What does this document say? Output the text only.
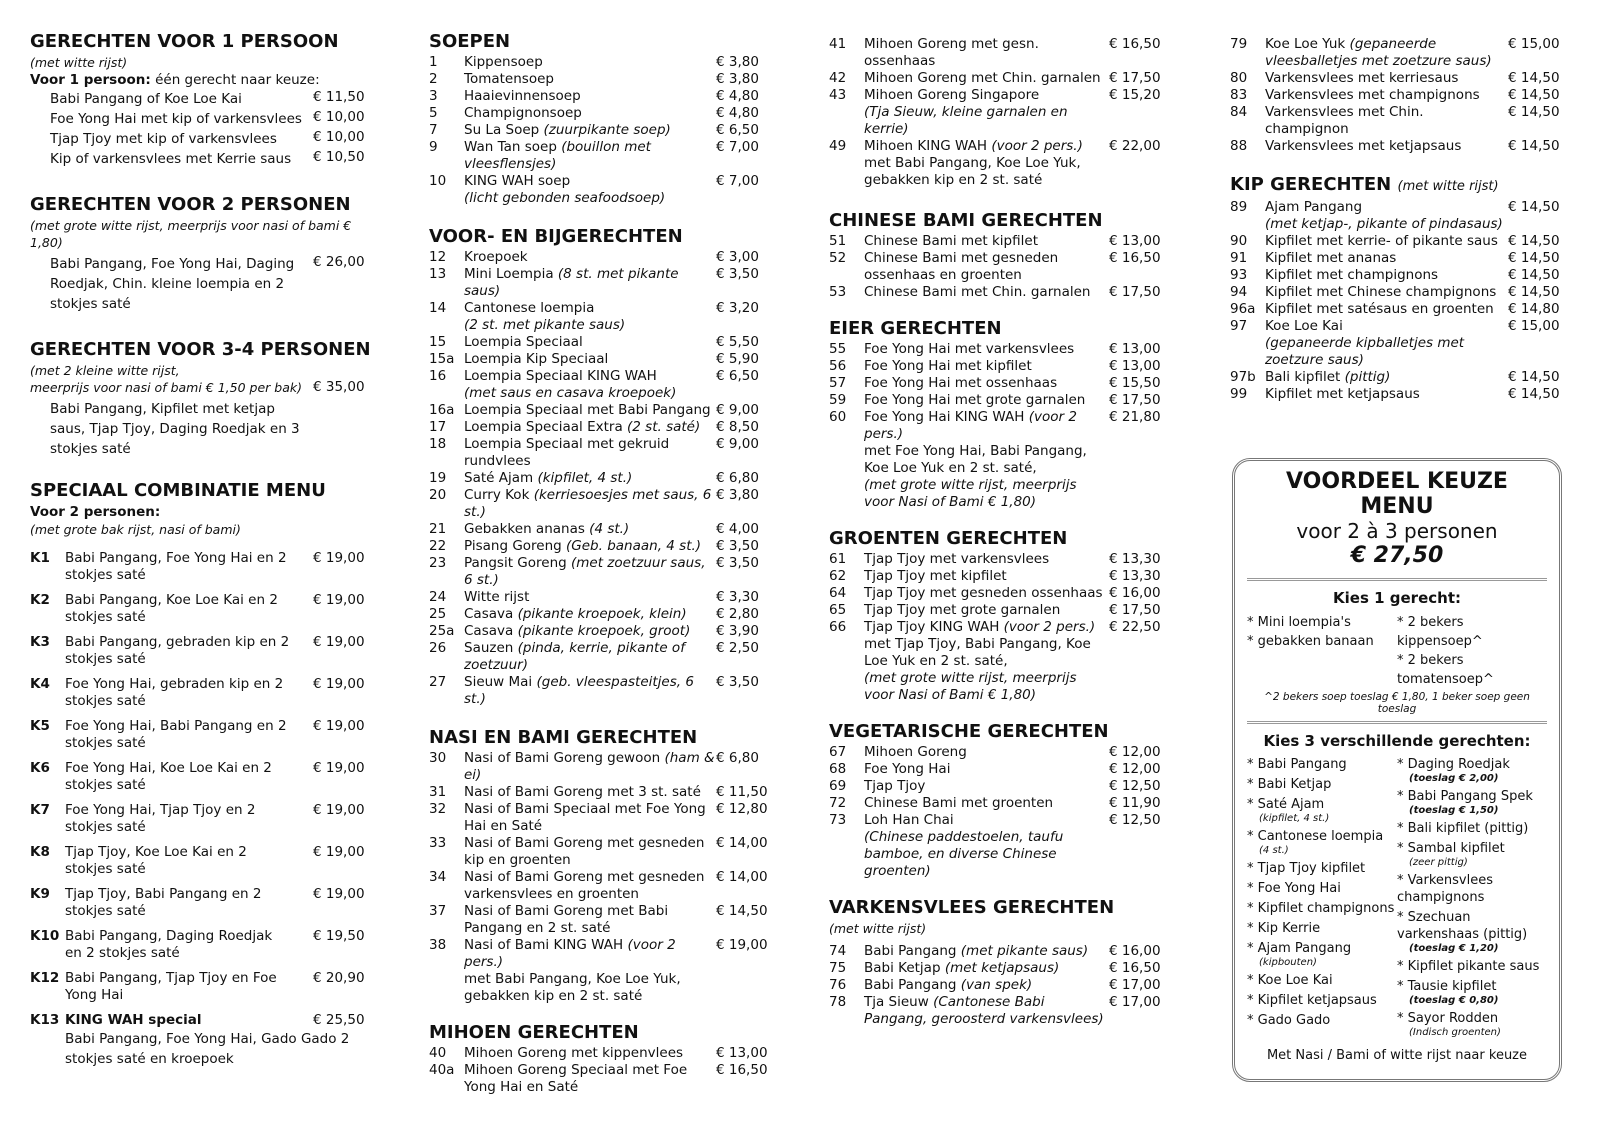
GERECHTEN VOOR 1 PERSOON

(met witte rijst)
Voor 1 persoon: één gerecht naar keuze:
Babi Pangang of Koe Loe Kai	€ 11,50
Foe Yong Hai met kip of varkensvlees € 10,00
Tjap Tjoy met kip of varkensvlees	€ 10,00
Kip of varkensvlees met Kerrie saus	€ 10,50

GERECHTEN VOOR 2 PERSONEN

(met grote witte rijst, meerprijs voor nasi of bami € 1,80)
Babi Pangang, Foe Yong Hai, Daging Roedjak, Chin. kleine loempia en 2 stokjes saté
€ 26,00

GERECHTEN VOOR 3-4 PERSONEN

(met 2 kleine witte rijst,
meerprijs voor nasi of bami € 1,50 per bak) € 35,00
Babi Pangang, Kipfilet met ketjap saus, Tjap Tjoy, Daging Roedjak en 3 stokjes saté

SPECIAAL COMBINATIE MENU

Voor 2 personen:
(met grote bak rijst, nasi of bami)
K1	Babi Pangang, Foe Yong Hai en 2 stokjes saté
€ 19,00
K2	Babi Pangang, Koe Loe Kai en 2 stokjes saté
€ 19,00
K3	Babi Pangang, gebraden kip en 2 stokjes saté
€ 19,00
K4	Foe Yong Hai, gebraden kip en 2 stokjes saté
€ 19,00
K5	Foe Yong Hai, Babi Pangang en 2 stokjes saté
€ 19,00
K6	Foe Yong Hai, Koe Loe Kai en 2 stokjes saté
€ 19,00
K7	Foe Yong Hai, Tjap Tjoy en 2 stokjes saté
€ 19,00
K8	Tjap Tjoy, Koe Loe Kai en 2 stokjes saté
€ 19,00
K9	Tjap Tjoy, Babi Pangang en 2 stokjes saté
€ 19,00
K10 Babi Pangang, Daging Roedjak en 2 stokjes saté
€ 19,50
K12 Babi Pangang, Tjap Tjoy en Foe Yong Hai
€ 20,90
K13 KING WAH special	€ 25,50
Babi Pangang, Foe Yong Hai, Gado Gado 2 stokjes saté en kroepoek

SOEPEN

1	Kippensoep	€ 3,80
2	Tomatensoep	€ 3,80
3	Haaievinnensoep	€ 4,80
5	Champignonsoep	€ 4,80
7	Su La Soep (zuurpikante soep)	€ 6,50
9	Wan Tan soep (bouillon met vleesflensjes)
€ 7,00
10	KING WAH soep	€ 7,00
(licht gebonden seafoodsoep)

VOOR- EN BIJGERECHTEN

12	Kroepoek	€ 3,00
13	Mini Loempia (8 st. met pikante saus)
€ 3,50
14	Cantonese loempia	€ 3,20
(2 st. met pikante saus)
15	Loempia Speciaal	€ 5,50
15a Loempia Kip Speciaal	€ 5,90
16	Loempia Speciaal KING WAH	€ 6,50
(met saus en casava kroepoek)
16a Loempia Speciaal met Babi Pangang € 9,00
17	Loempia Speciaal Extra (2 st. saté)	€ 8,50
18	Loempia Speciaal met gekruid rundvlees
€ 9,00
19	Saté Ajam (kipfilet, 4 st.)	€ 6,80
20	Curry Kok (kerriesoesjes met saus, 6 st.)
€ 3,80
21	Gebakken ananas (4 st.)	€ 4,00
22	Pisang Goreng (Geb. banaan, 4 st.)	€ 3,50
23	Pangsit Goreng (met zoetzuur saus, 6 st.)
€ 3,50
24	Witte rijst	€ 3,30
25	Casava (pikante kroepoek, klein)	€ 2,80
25a Casava (pikante kroepoek, groot)	€ 3,90
26	Sauzen (pinda, kerrie, pikante of zoetzuur)
€ 2,50
27	Sieuw Mai (geb. vleespasteitjes, 6 st.)
€ 3,50

NASI EN BAMI GERECHTEN

30	Nasi of Bami Goreng gewoon (ham & ei)
€ 6,80
31	Nasi of Bami Goreng met 3 st. saté	€ 11,50
32	Nasi of Bami Speciaal met Foe Yong Hai en Saté
€ 12,80
33	Nasi of Bami Goreng met gesneden kip en groenten
€ 14,00
34	Nasi of Bami Goreng met gesneden varkensvlees en groenten
€ 14,00
37	Nasi of Bami Goreng met Babi Pangang en 2 st. saté
€ 14,50
38	Nasi of Bami KING WAH (voor 2 pers.)
€ 19,00
met Babi Pangang, Koe Loe Yuk, gebakken kip en 2 st. saté

MIHOEN GERECHTEN

40	Mihoen Goreng met kippenvlees	€ 13,00
40a Mihoen Goreng Speciaal met Foe Yong Hai en Saté
€ 16,50
41	Mihoen Goreng met gesn. ossenhaas
€ 16,50
42	Mihoen Goreng met Chin. garnalen € 17,50
43	Mihoen Goreng Singapore	€ 15,20
(Tja Sieuw, kleine garnalen en kerrie)
49	Mihoen KING WAH (voor 2 pers.)	€ 22,00
met Babi Pangang, Koe Loe Yuk, gebakken kip en 2 st. saté

CHINESE BAMI GERECHTEN

51	Chinese Bami met kipfilet	€ 13,00
52	Chinese Bami met gesneden ossenhaas en groenten
€ 16,50
53	Chinese Bami met Chin. garnalen	€ 17,50

EIER GERECHTEN

55	Foe Yong Hai met varkensvlees	€ 13,00
56	Foe Yong Hai met kipfilet	€ 13,00
57	Foe Yong Hai met ossenhaas	€ 15,50
59	Foe Yong Hai met grote garnalen	€ 17,50
60	Foe Yong Hai KING WAH (voor 2 pers.)
€ 21,80
met Foe Yong Hai, Babi Pangang, Koe Loe Yuk en 2 st. saté,
(met grote witte rijst, meerprijs voor Nasi of Bami € 1,80)

GROENTEN GERECHTEN

61	Tjap Tjoy met varkensvlees	€ 13,30
62	Tjap Tjoy met kipfilet	€ 13,30
64	Tjap Tjoy met gesneden ossenhaas € 16,00
65	Tjap Tjoy met grote garnalen	€ 17,50
66	Tjap Tjoy KING WAH (voor 2 pers.)	€ 22,50
met Tjap Tjoy, Babi Pangang, Koe Loe Yuk en 2 st. saté,
(met grote witte rijst, meerprijs voor Nasi of Bami € 1,80)

VEGETARISCHE GERECHTEN

67	Mihoen Goreng	€ 12,00
68	Foe Yong Hai	€ 12,00
69	Tjap Tjoy	€ 12,50
72	Chinese Bami met groenten	€ 11,90
73	Loh Han Chai	€ 12,50
(Chinese paddestoelen, taufu bamboe, en diverse Chinese groenten)

VARKENSVLEES GERECHTEN

(met witte rijst)
74	Babi Pangang (met pikante saus)	€ 16,00
75	Babi Ketjap (met ketjapsaus)	€ 16,50
76	Babi Pangang (van spek)	€ 17,00
78	Tja Sieuw (Cantonese Babi Pangang, geroosterd varkensvlees)
€ 17,00
79	Koe Loe Yuk (gepaneerde vleesballetjes met zoetzure saus)
€ 15,00
80	Varkensvlees met kerriesaus	€ 14,50
83	Varkensvlees met champignons	€ 14,50
84	Varkensvlees met Chin. champignon
€ 14,50
88	Varkensvlees met ketjapsaus	€ 14,50

KIP GERECHTEN (met witte rijst)

89	Ajam Pangang	€ 14,50
(met ketjap-, pikante of pindasaus)
90	Kipfilet met kerrie- of pikante saus € 14,50
91	Kipfilet met ananas	€ 14,50
93	Kipfilet met champignons	€ 14,50
94	Kipfilet met Chinese champignons € 14,50
96a Kipfilet met satésaus en groenten	€ 14,80
97	Koe Loe Kai	€ 15,00
(gepaneerde kipballetjes met zoetzure saus)
97b Bali kipfilet (pittig)	€ 14,50
99	Kipfilet met ketjapsaus	€ 14,50
VOORDEEL KEUZE MENU
voor 2 à 3 personen
€ 27,50
Kies 1 gerecht:
* Mini loempia's
* gebakken banaan
* 2 bekers kippensoep^
* 2 bekers tomatensoep^
^2 bekers soep toeslag € 1,80, 1 beker soep geen toeslag
Kies 3 verschillende gerechten:
* Babi Pangang
* Babi Ketjap
* Saté Ajam
(kipfilet, 4 st.)
* Cantonese loempia
(4 st.)
* Tjap Tjoy kipfilet
* Foe Yong Hai
* Kipfilet champignons
* Kip Kerrie
* Ajam Pangang
(kipbouten)
* Koe Loe Kai
* Kipfilet ketjapsaus
* Gado Gado
* Daging Roedjak
(toeslag € 2,00)
* Babi Pangang Spek
(toeslag € 1,50)
* Bali kipfilet (pittig)
* Sambal kipfilet
(zeer pittig)
* Varkensvlees champignons
* Szechuan varkenshaas (pittig)
(toeslag € 1,20)
* Kipfilet pikante saus
* Tausie kipfilet
(toeslag € 0,80)
* Sayor Rodden
(Indisch groenten)
Met Nasi / Bami of witte rijst naar keuze
